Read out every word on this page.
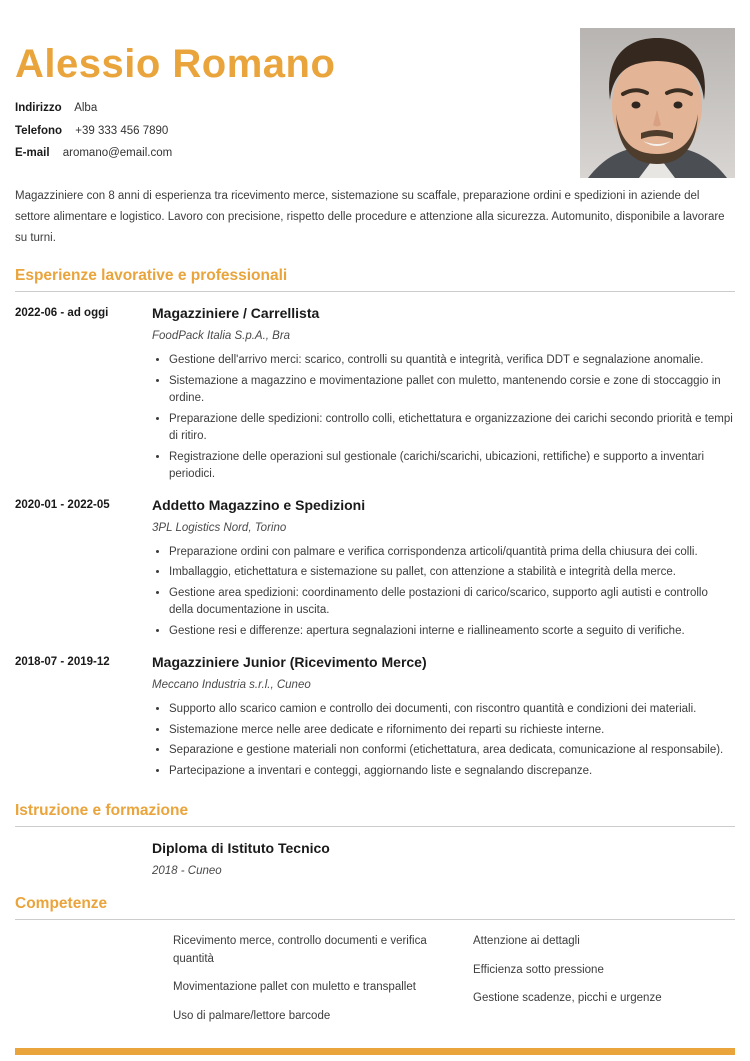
Alessio Romano
Indirizzo Alba
Telefono +39 333 456 7890
E-mail aromano@email.com

Magazziniere con 8 anni di esperienza tra ricevimento merce, sistemazione su scaffale, preparazione ordini e spedizioni in aziende del settore alimentare e logistico. Lavoro con precisione, rispetto delle procedure e attenzione alla sicurezza. Automunito, disponibile a lavorare su turni.

Esperienze lavorative e professionali
2022-06 - ad oggi	Magazziniere / Carrellista
FoodPack Italia S.p.A., Bra
• Gestione dell'arrivo merci: scarico, controlli su quantità e integrità, verifica DDT e segnalazione anomalie.
• Sistemazione a magazzino e movimentazione pallet con muletto, mantenendo corsie e zone di stoccaggio in ordine.
• Preparazione delle spedizioni: controllo colli, etichettatura e organizzazione dei carichi secondo priorità e tempi di ritiro.
• Registrazione delle operazioni sul gestionale (carichi/scarichi, ubicazioni, rettifiche) e supporto a inventari periodici.
2020-01 - 2022-05	Addetto Magazzino e Spedizioni
3PL Logistics Nord, Torino
• Preparazione ordini con palmare e verifica corrispondenza articoli/quantità prima della chiusura dei colli.
• Imballaggio, etichettatura e sistemazione su pallet, con attenzione a stabilità e integrità della merce.
• Gestione area spedizioni: coordinamento delle postazioni di carico/scarico, supporto agli autisti e controllo della documentazione in uscita.
• Gestione resi e differenze: apertura segnalazioni interne e riallineamento scorte a seguito di verifiche.
2018-07 - 2019-12	Magazziniere Junior (Ricevimento Merce)
Meccano Industria s.r.l., Cuneo
• Supporto allo scarico camion e controllo dei documenti, con riscontro quantità e condizioni dei materiali.
• Sistemazione merce nelle aree dedicate e rifornimento dei reparti su richieste interne.
• Separazione e gestione materiali non conformi (etichettatura, area dedicata, comunicazione al responsabile).
• Partecipazione a inventari e conteggi, aggiornando liste e segnalando discrepanze.
Istruzione e formazione
Diploma di Istituto Tecnico
2018 - Cuneo
Competenze
Ricevimento merce, controllo documenti e verifica quantità
Movimentazione pallet con muletto e transpallet
Uso di palmare/lettore barcode
Attenzione ai dettagli
Efficienza sotto pressione
Gestione scadenze, picchi e urgenze
